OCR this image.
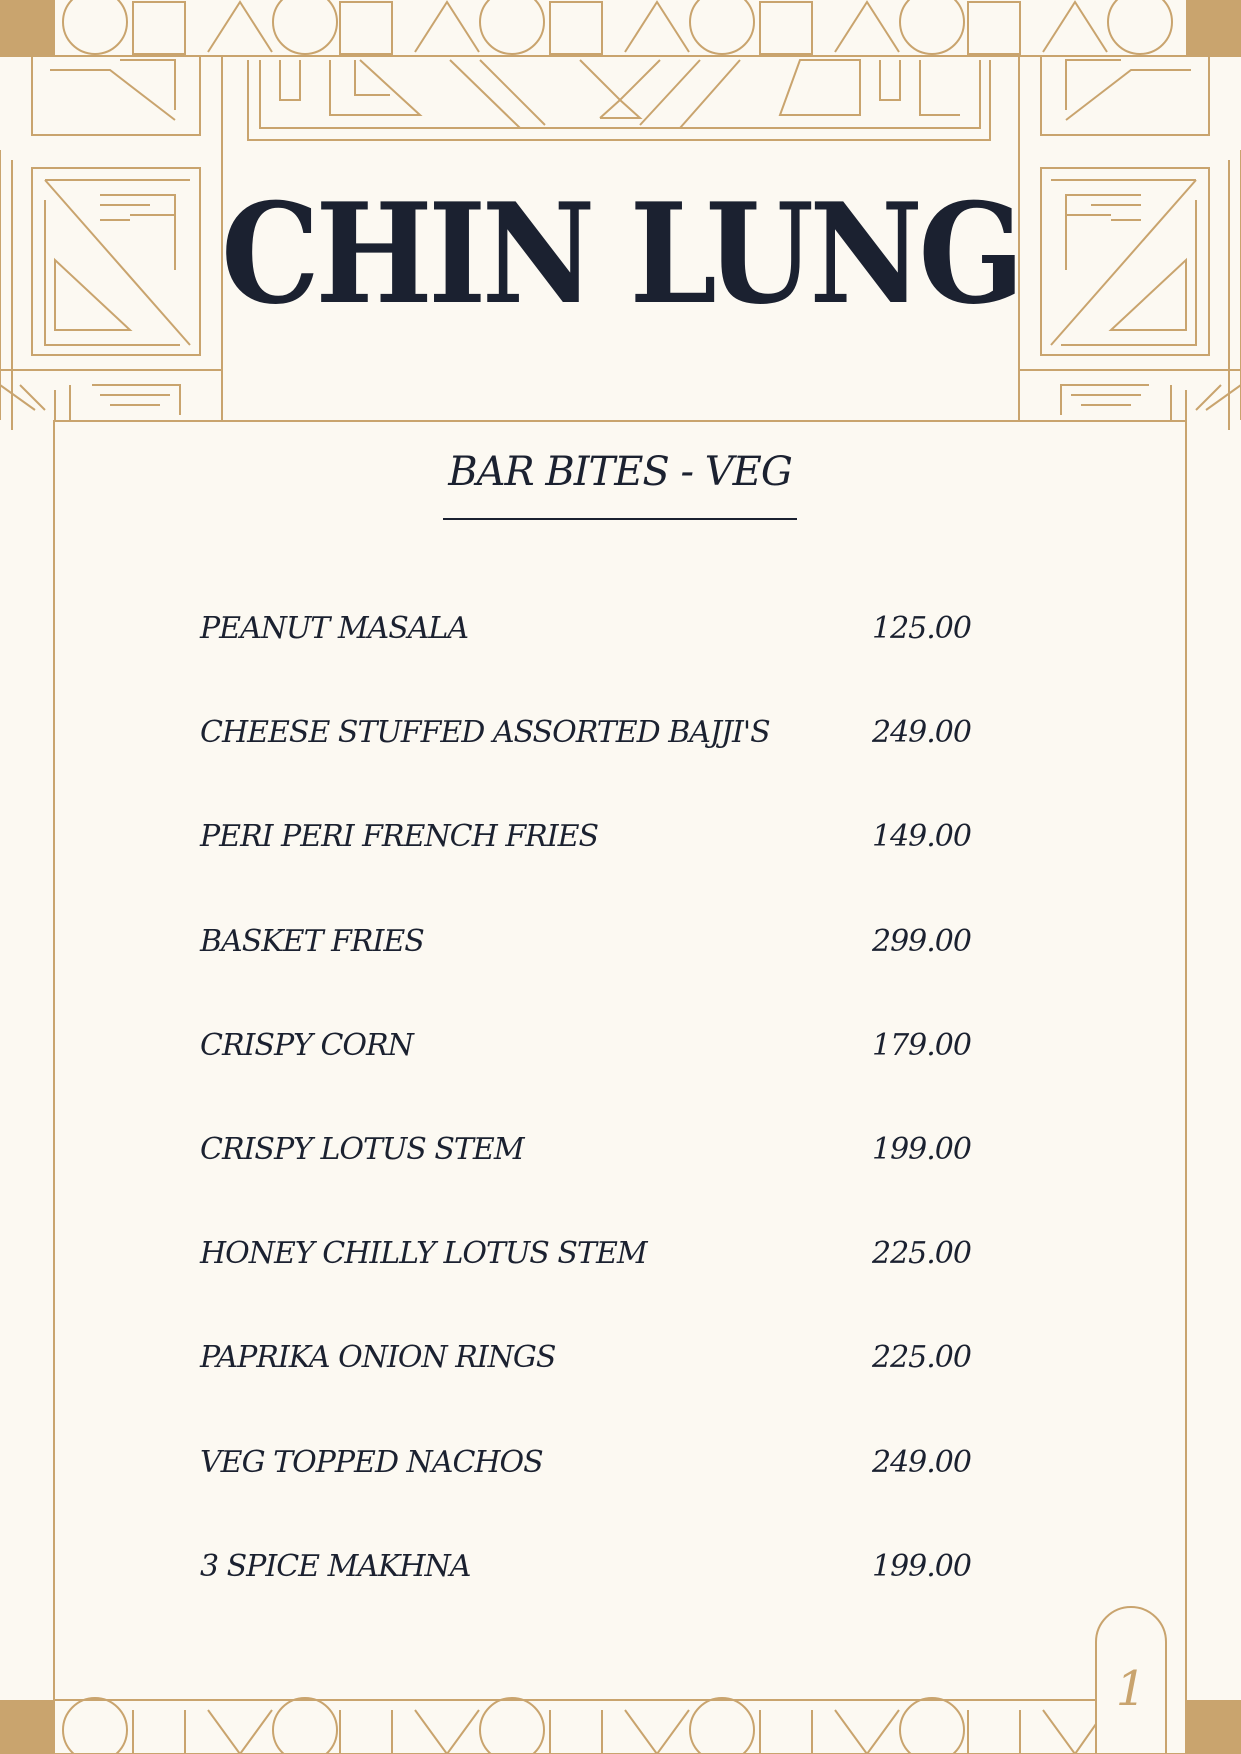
CHIN LUNG
BAR BITES - VEG
PEANUT MASALA	125.00
CHEESE STUFFED ASSORTED BAJJI'S	249.00
PERI PERI FRENCH FRIES	149.00
BASKET FRIES	299.00
CRISPY CORN	179.00
CRISPY LOTUS STEM	199.00
HONEY CHILLY LOTUS STEM	225.00
PAPRIKA ONION RINGS	225.00
VEG TOPPED NACHOS	249.00
3 SPICE MAKHNA	199.00
1
